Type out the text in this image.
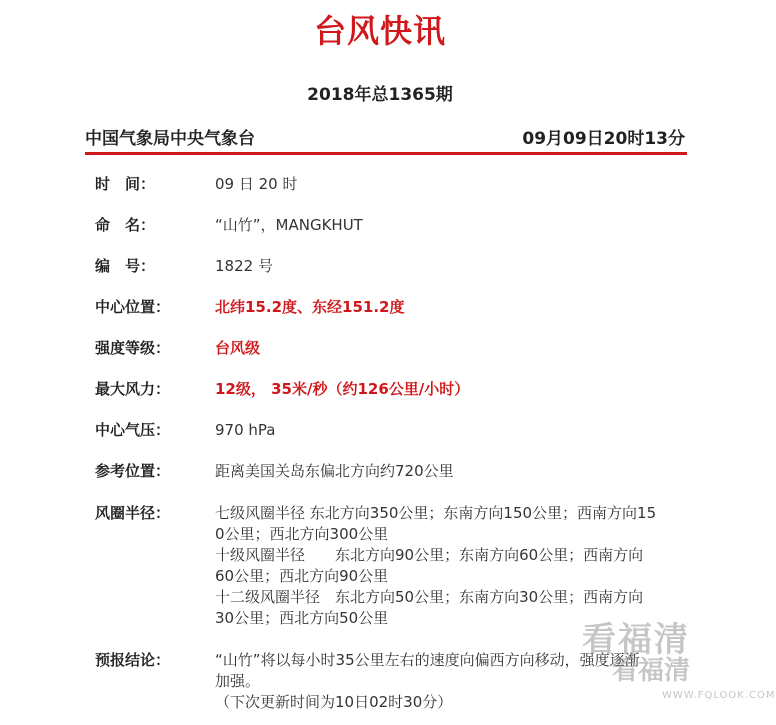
台风快讯
2018年总1365期
中国气象局中央气象台	09月09日20时13分
时　间：	09 日 20 时
命　名：	“山竹”，MANGKHUT
编　号：	1822 号
中心位置：	北纬15.2度、东经151.2度
强度等级：	台风级
最大风力：	12级， 35米/秒（约126公里/小时）
中心气压：	970 hPa
参考位置：	距离美国关岛东偏北方向约720公里
风圈半径：	七级风圈半径 东北方向350公里；东南方向150公里；西南方向15
0公里；西北方向300公里
十级风圈半径　　东北方向90公里；东南方向60公里；西南方向
60公里；西北方向90公里
十二级风圈半径　东北方向50公里；东南方向30公里；西南方向
30公里；西北方向50公里
预报结论：	“山竹”将以每小时35公里左右的速度向偏西方向移动，强度逐渐
加强。
（下次更新时间为10日02时30分）
看福清
看福清
WWW.FQLOOK.COM
